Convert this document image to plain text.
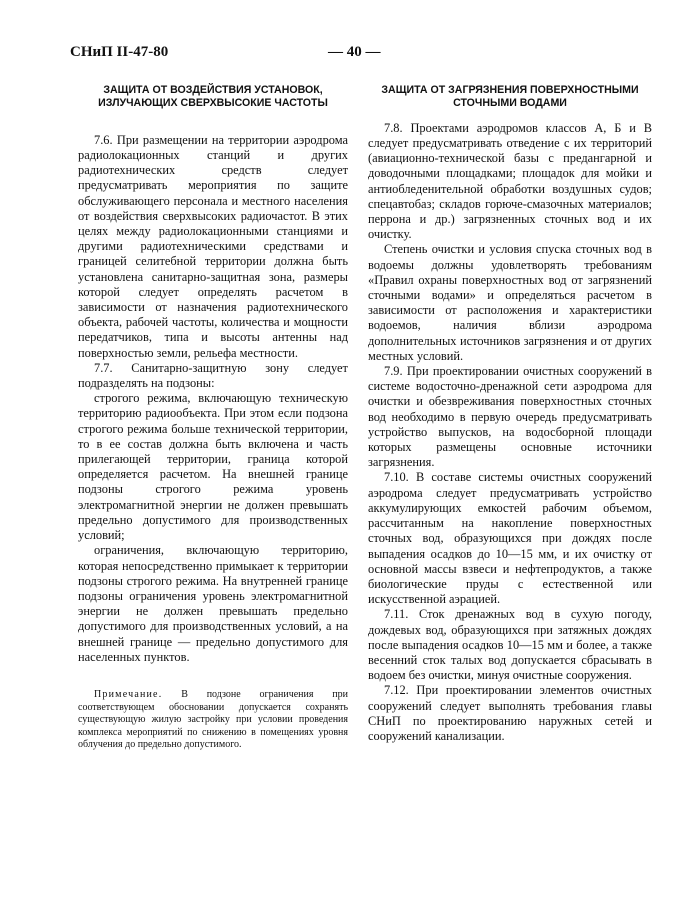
СНиП II-47-80	— 40 —
ЗАЩИТА ОТ ВОЗДЕЙСТВИЯ УСТАНОВОК, ИЗЛУЧАЮЩИХ СВЕРХВЫСОКИЕ ЧАСТОТЫ

7.6. При размещении на территории аэродрома радиолокационных станций и других радиотехнических средств следует предусматривать мероприятия по защите обслуживающего персонала и местного населения от воздействия сверхвысоких радиочастот. В этих целях между радиолокационными станциями и другими радиотехническими средствами и границей селитебной территории должна быть установлена санитарно-защитная зона, размеры которой следует определять расчетом в зависимости от назначения радиотехнического объекта, рабочей частоты, количества и мощности передатчиков, типа и высоты антенны над поверхностью земли, рельефа местности.

7.7. Санитарно-защитную зону следует подразделять на подзоны:

строгого режима, включающую техническую территорию радиообъекта. При этом если подзона строгого режима больше технической территории, то в ее состав должна быть включена и часть прилегающей территории, граница которой определяется расчетом. На внешней границе подзоны строгого режима уровень электромагнитной энергии не должен превышать предельно допустимого для производственных условий;

ограничения, включающую территорию, которая непосредственно примыкает к территории подзоны строгого режима. На внутренней границе подзоны ограничения уровень электромагнитной энергии не должен превышать предельно допустимого для производственных условий, а на внешней границе — предельно допустимого для населенных пунктов.

Примечание. В подзоне ограничения при соответствующем обосновании допускается сохранять существующую жилую застройку при условии проведения комплекса мероприятий по снижению в помещениях уровня облучения до предельно допустимого.

ЗАЩИТА ОТ ЗАГРЯЗНЕНИЯ ПОВЕРХНОСТНЫМИ СТОЧНЫМИ ВОДАМИ

7.8. Проектами аэродромов классов А, Б и В следует предусматривать отведение с их территорий (авиационно-технической базы с предангарной и доводочными площадками; площадок для мойки и антиобледенительной обработки воздушных судов; спецавтобаз; складов горюче-смазочных материалов; перрона и др.) загрязненных сточных вод и их очистку.

Степень очистки и условия спуска сточных вод в водоемы должны удовлетворять требованиям «Правил охраны поверхностных вод от загрязнений сточными водами» и определяться расчетом в зависимости от расположения и характеристики водоемов, наличия вблизи аэродрома дополнительных источников загрязнения и от других местных условий.

7.9. При проектировании очистных сооружений в системе водосточно-дренажной сети аэродрома для очистки и обезвреживания поверхностных сточных вод необходимо в первую очередь предусматривать устройство выпусков, на водосборной площади которых размещены основные источники загрязнения.

7.10. В составе системы очистных сооружений аэродрома следует предусматривать устройство аккумулирующих емкостей рабочим объемом, рассчитанным на накопление поверхностных сточных вод, образующихся при дождях после выпадения осадков до 10—15 мм, и их очистку от основной массы взвеси и нефтепродуктов, а также биологические пруды с естественной или искусственной аэрацией.

7.11. Сток дренажных вод в сухую погоду, дождевых вод, образующихся при затяжных дождях после выпадения осадков 10—15 мм и более, а также весенний сток талых вод допускается сбрасывать в водоем без очистки, минуя очистные сооружения.

7.12. При проектировании элементов очистных сооружений следует выполнять требования главы СНиП по проектированию наружных сетей и сооружений канализации.
